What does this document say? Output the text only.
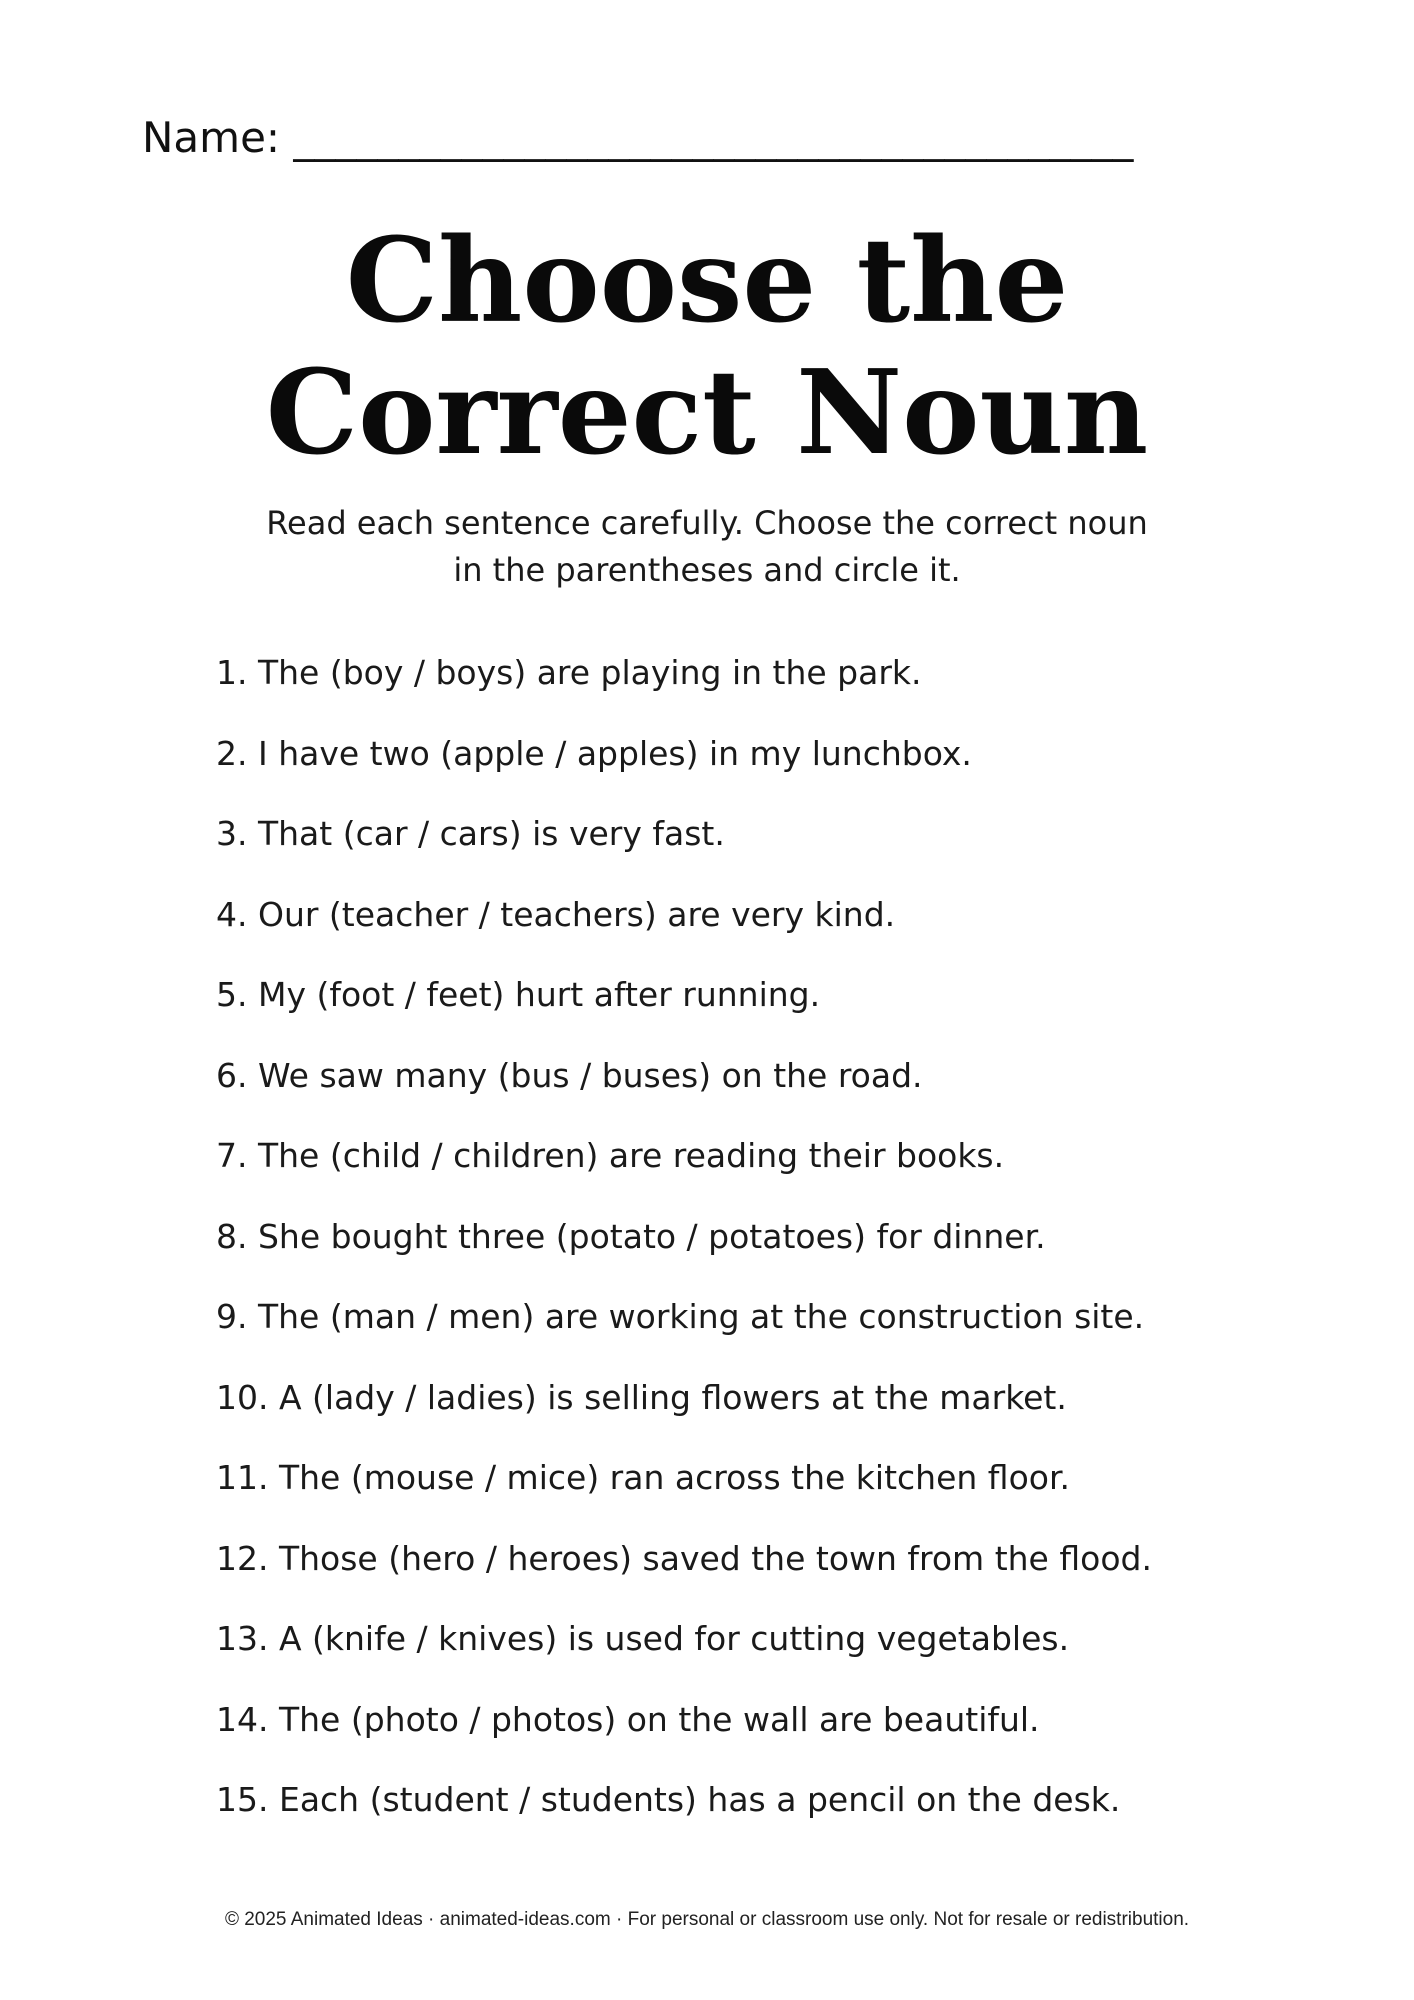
Name: ________________________________________
Choose the
Correct Noun
Read each sentence carefully. Choose the correct noun
in the parentheses and circle it.
1. The (boy / boys) are playing in the park.
2. I have two (apple / apples) in my lunchbox.
3. That (car / cars) is very fast.
4. Our (teacher / teachers) are very kind.
5. My (foot / feet) hurt after running.
6. We saw many (bus / buses) on the road.
7. The (child / children) are reading their books.
8. She bought three (potato / potatoes) for dinner.
9. The (man / men) are working at the construction site.
10. A (lady / ladies) is selling flowers at the market.
11. The (mouse / mice) ran across the kitchen floor.
12. Those (hero / heroes) saved the town from the flood.
13. A (knife / knives) is used for cutting vegetables.
14. The (photo / photos) on the wall are beautiful.
15. Each (student / students) has a pencil on the desk.
© 2025 Animated Ideas · animated-ideas.com · For personal or classroom use only. Not for resale or redistribution.
